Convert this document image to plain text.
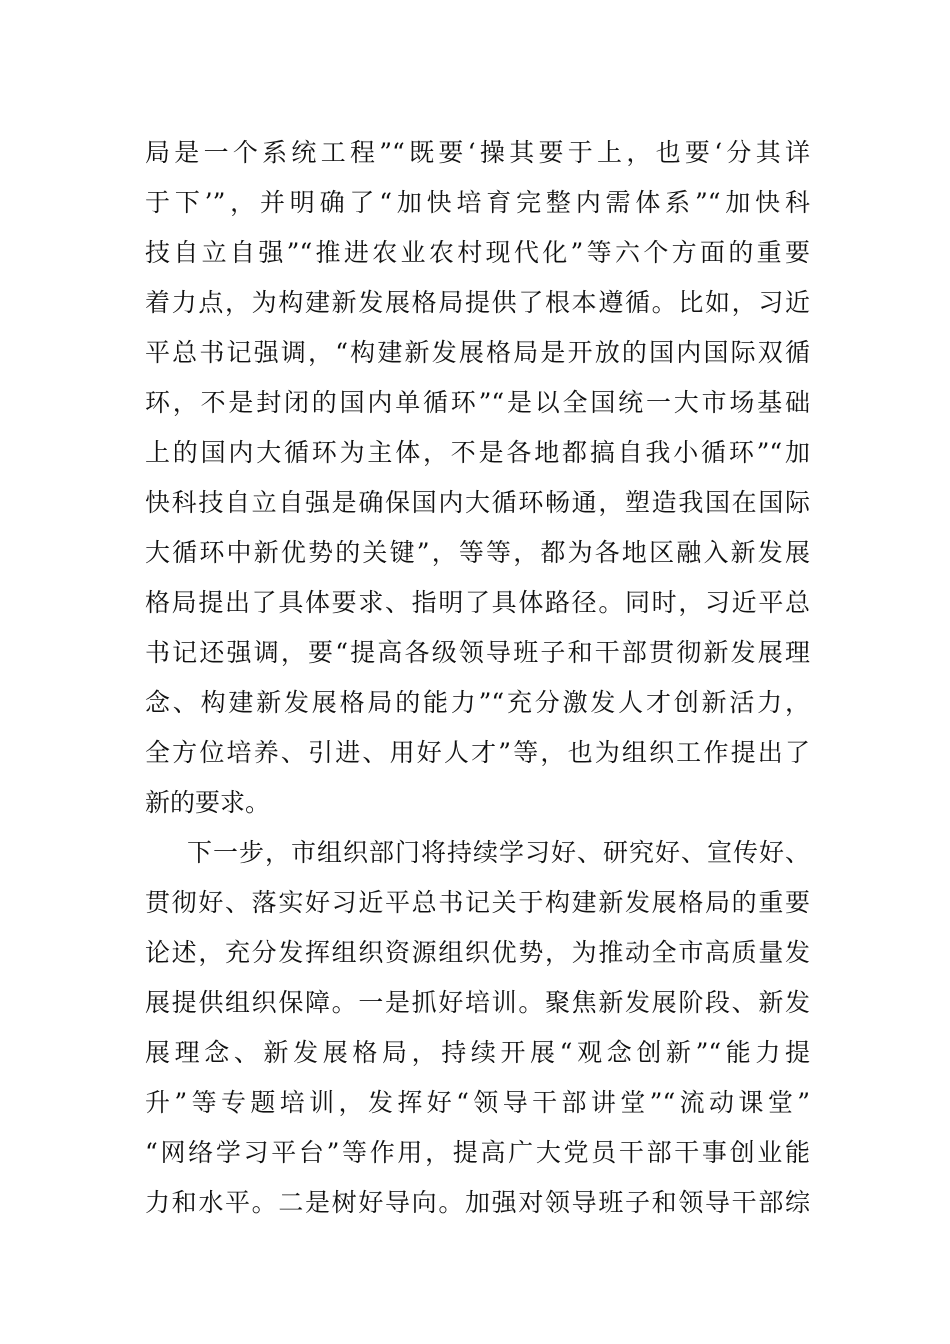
局是一个系统工程”“既要‘操其要于上，也要‘分其详
于下’”，并明确了“加快培育完整内需体系”“加快科
技自立自强”“推进农业农村现代化”等六个方面的重要
着力点，为构建新发展格局提供了根本遵循。比如，习近
平总书记强调，“构建新发展格局是开放的国内国际双循
环，不是封闭的国内单循环”“是以全国统一大市场基础
上的国内大循环为主体，不是各地都搞自我小循环”“加
快科技自立自强是确保国内大循环畅通，塑造我国在国际
大循环中新优势的关键”，等等，都为各地区融入新发展
格局提出了具体要求、指明了具体路径。同时，习近平总
书记还强调，要“提高各级领导班子和干部贯彻新发展理
念、构建新发展格局的能力”“充分激发人才创新活力，
全方位培养、引进、用好人才”等，也为组织工作提出了
新的要求。
下一步，市组织部门将持续学习好、研究好、宣传好、
贯彻好、落实好习近平总书记关于构建新发展格局的重要
论述，充分发挥组织资源组织优势，为推动全市高质量发
展提供组织保障。一是抓好培训。聚焦新发展阶段、新发
展理念、新发展格局，持续开展“观念创新”“能力提
升”等专题培训，发挥好“领导干部讲堂”“流动课堂”
“网络学习平台”等作用，提高广大党员干部干事创业能
力和水平。二是树好导向。加强对领导班子和领导干部综
